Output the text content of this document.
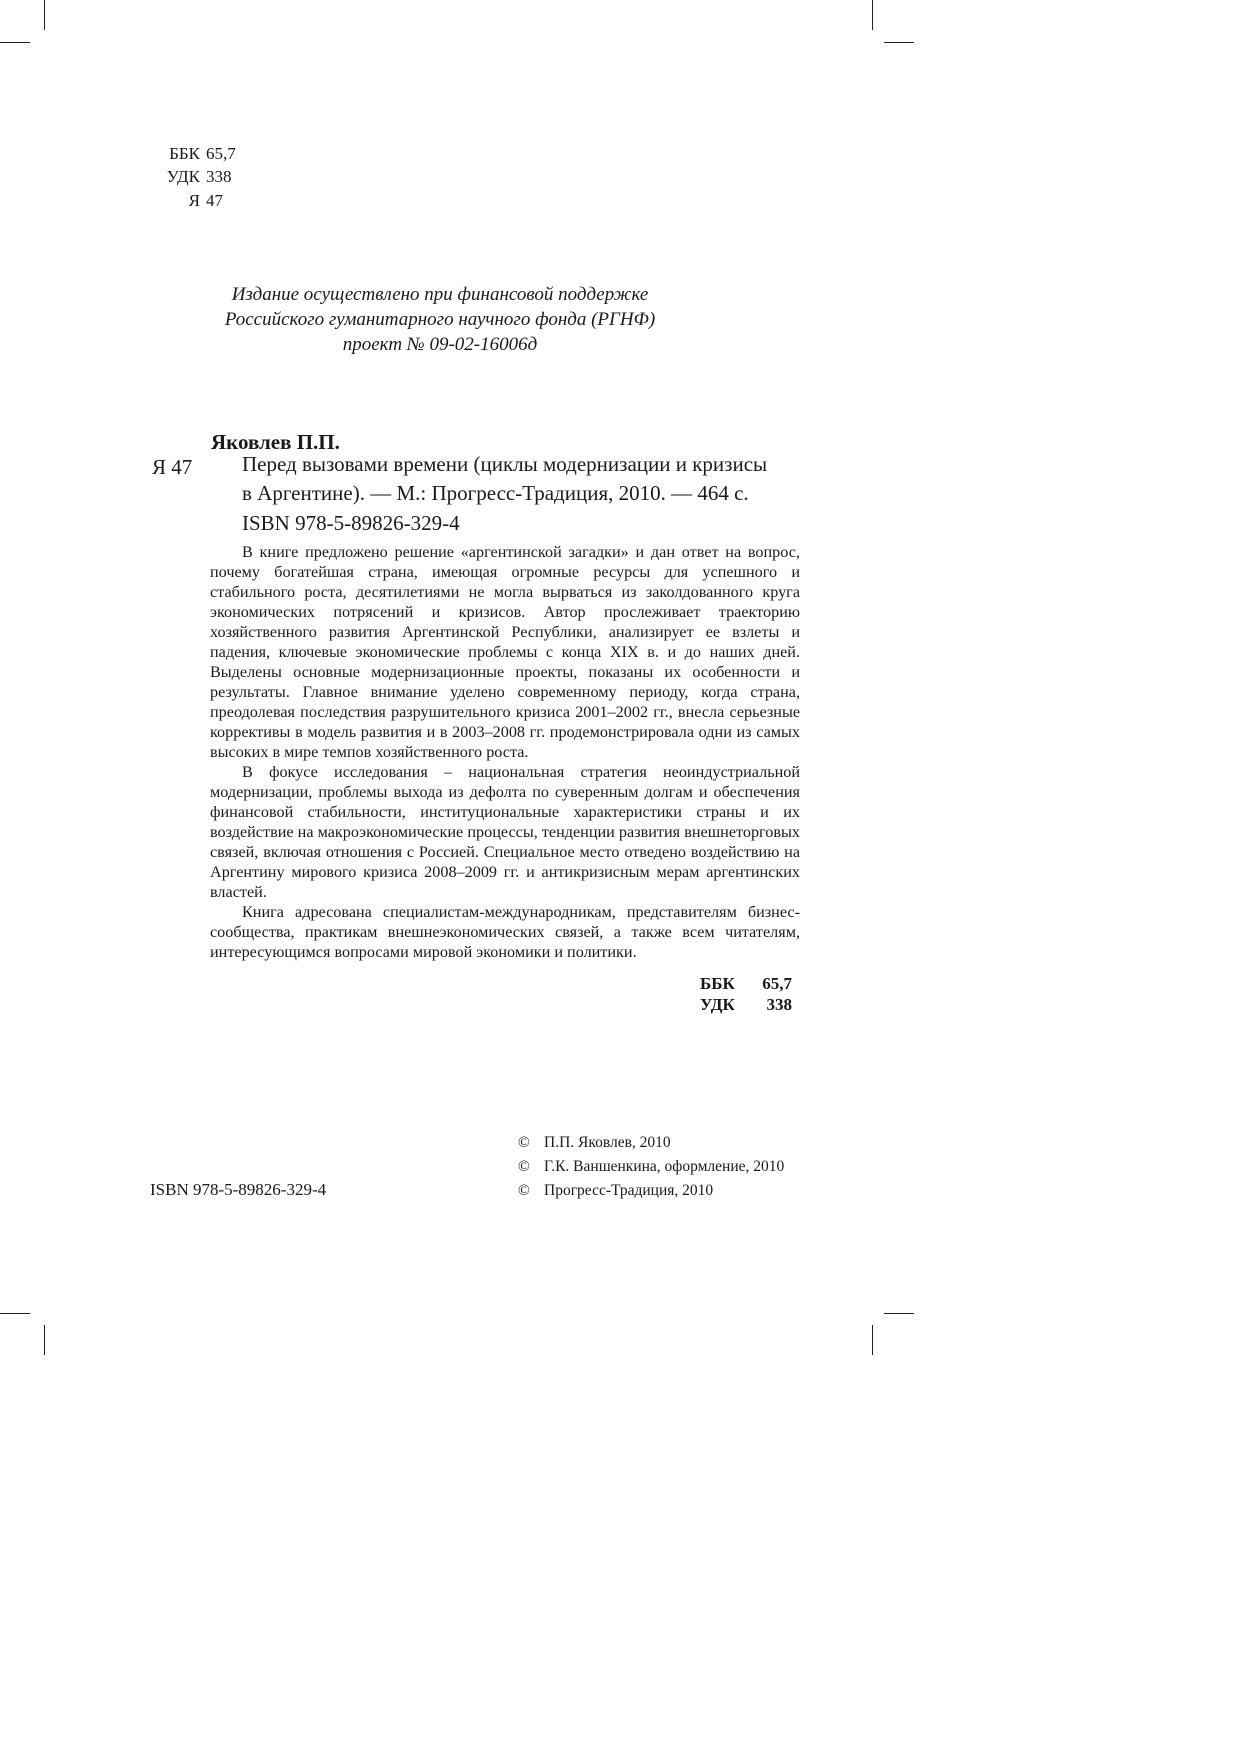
ББК 65,7
УДК 338
Я 47
Издание осуществлено при финансовой поддержке
Российского гуманитарного научного фонда (РГНФ)
проект № 09-02-16006д
Яковлев П.П.
Я 47 Перед вызовами времени (циклы модернизации и кризисы
в Аргентине). — М.: Прогресс-Традиция, 2010. — 464 с.
ISBN 978-5-89826-329-4

В книге предложено решение «аргентинской загадки» и дан ответ на вопрос, почему богатейшая страна, имеющая огромные ресурсы для успешного и стабильного роста, десятилетиями не могла вырваться из заколдованного круга экономических потрясений и кризисов. Автор прослеживает траекторию хозяйственного развития Аргентинской Республики, анализирует ее взлеты и падения, ключевые экономические проблемы с конца XIX в. и до наших дней. Выделены основные модернизационные проекты, показаны их особенности и результаты. Главное внимание уделено современному периоду, когда страна, преодолевая последствия разрушительного кризиса 2001–2002 гг., внесла серьезные коррективы в модель развития и в 2003–2008 гг. продемонстрировала одни из самых высоких в мире темпов хозяйственного роста.

В фокусе исследования – национальная стратегия неоиндустриальной модернизации, проблемы выхода из дефолта по суверенным долгам и обеспечения финансовой стабильности, институциональные характеристики страны и их воздействие на макроэкономические процессы, тенденции развития внешнеторговых связей, включая отношения с Россией. Специальное место отведено воздействию на Аргентину мирового кризиса 2008–2009 гг. и антикризисным мерам аргентинских властей.

Книга адресована специалистам-международникам, представителям бизнес-сообщества, практикам внешнеэкономических связей, а также всем читателям, интересующимся вопросами мировой экономики и политики.

ББК 65,7
УДК 338
ISBN 978-5-89826-329-4
© П.П. Яковлев, 2010
© Г.К. Ваншенкина, оформление, 2010
© Прогресс-Традиция, 2010
